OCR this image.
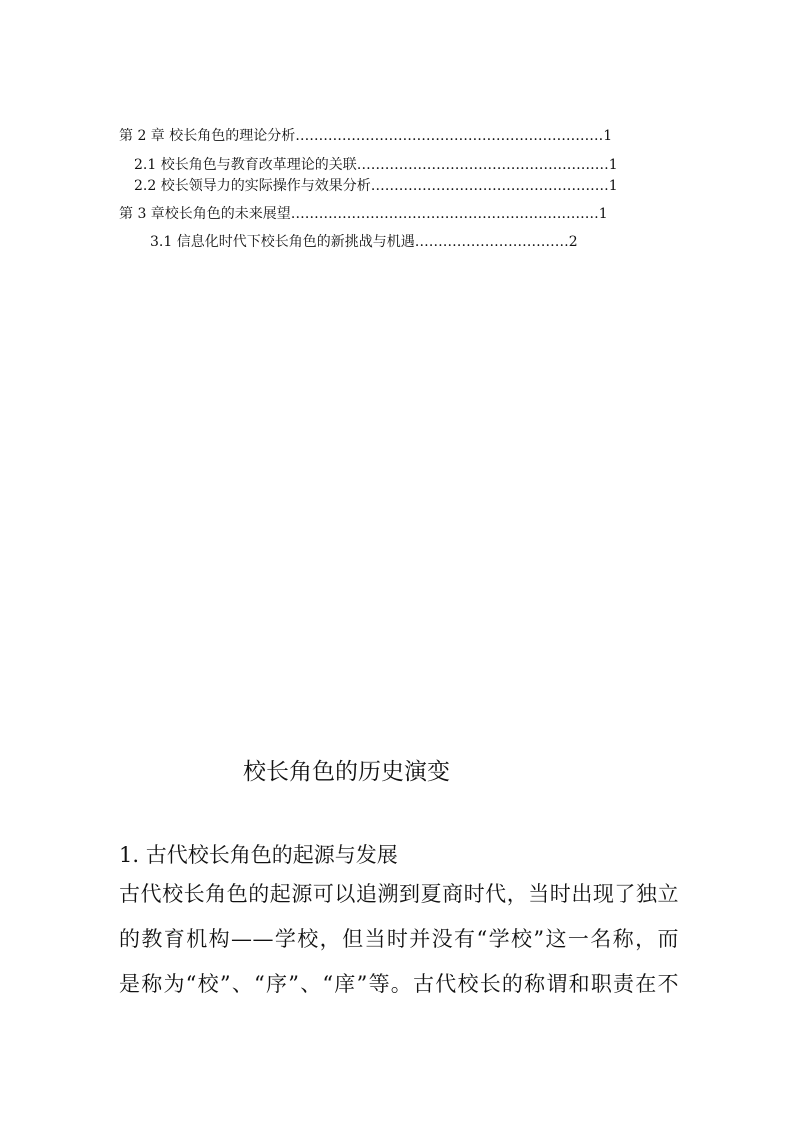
第 2 章 校长角色的理论分析…………………………………………………………1
2.1 校长角色与教育改革理论的关联………………………………………………1
2.2 校长领导力的实际操作与效果分析……………………………………………1
第 3 章校长角色的未来展望…………………………………………………………1
3.1 信息化时代下校长角色的新挑战与机遇……………………………2
校长角色的历史演变
1. 古代校长角色的起源与发展
古代校长角色的起源可以追溯到夏商时代，当时出现了独立
的教育机构——学校，但当时并没有“学校”这一名称，而
是称为“校”、“序”、“庠”等。古代校长的称谓和职责在不
